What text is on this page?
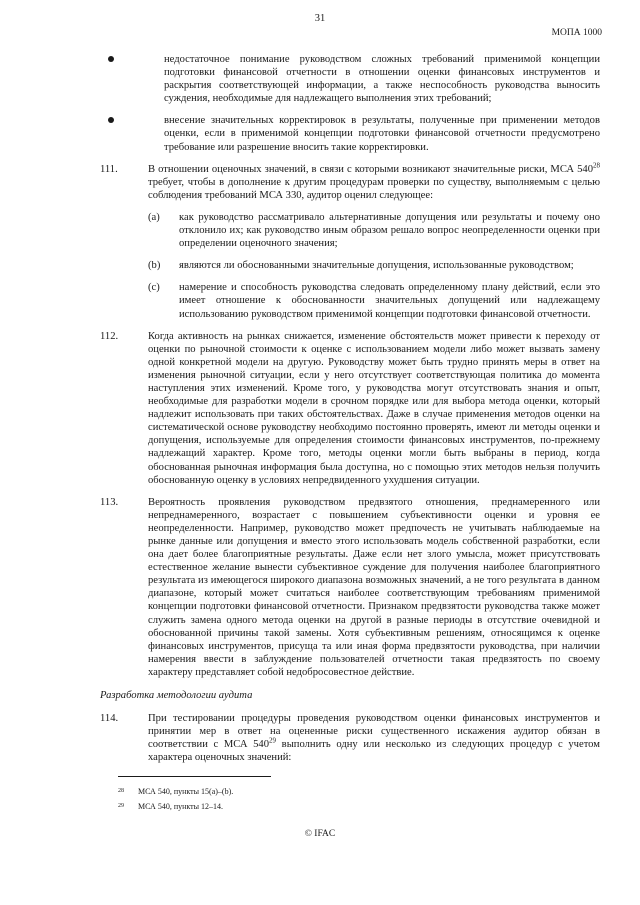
31
МОПА 1000
недостаточное понимание руководством сложных требований применимой концепции подготовки финансовой отчетности в отношении оценки финансовых инструментов и раскрытия соответствующей информации, а также неспособность руководства выносить суждения, необходимые для надлежащего выполнения этих требований;
внесение значительных корректировок в результаты, полученные при применении методов оценки, если в применимой концепции подготовки финансовой отчетности предусмотрено требование или разрешение вносить такие корректировки.
111.	В отношении оценочных значений, в связи с которыми возникают значительные риски, МСА $540^{28}$ требует, чтобы в дополнение к другим процедурам проверки по существу, выполняемым с целью соблюдения требований МСА 330, аудитор оценил следующее:
(a)	как руководство рассматривало альтернативные допущения или результаты и почему оно отклонило их; как руководство иным образом решало вопрос неопределенности оценки при определении оценочного значения;
(b)	являются ли обоснованными значительные допущения, использованные руководством;
(c)	намерение и способность руководства следовать определенному плану действий, если это имеет отношение к обоснованности значительных допущений или надлежащему использованию руководством применимой концепции подготовки финансовой отчетности.
112.	Когда активность на рынках снижается, изменение обстоятельств может привести к переходу от оценки по рыночной стоимости к оценке с использованием модели либо может вызвать замену одной конкретной модели на другую. Руководству может быть трудно принять меры в ответ на изменения рыночной ситуации, если у него отсутствует соответствующая политика до момента наступления этих изменений. Кроме того, у руководства могут отсутствовать знания и опыт, необходимые для разработки модели в срочном порядке или для выбора метода оценки, который надлежит использовать при таких обстоятельствах. Даже в случае применения методов оценки на систематической основе руководству необходимо постоянно проверять, имеют ли методы оценки и допущения, используемые для определения стоимости финансовых инструментов, по-прежнему надлежащий характер. Кроме того, методы оценки могли быть выбраны в период, когда обоснованная рыночная информация была доступна, но с помощью этих методов нельзя получить обоснованную оценку в условиях непредвиденного ухудшения ситуации.
113.	Вероятность проявления руководством предвзятого отношения, преднамеренного или непреднамеренного, возрастает с повышением субъективности оценки и уровня ее неопределенности. Например, руководство может предпочесть не учитывать наблюдаемые на рынке данные или допущения и вместо этого использовать модель собственной разработки, если она дает более благоприятные результаты. Даже если нет злого умысла, может присутствовать естественное желание вынести субъективное суждение для получения наиболее благоприятного результата из имеющегося широкого диапазона возможных значений, а не того результата в данном диапазоне, который может считаться наиболее соответствующим требованиям применимой концепции подготовки финансовой отчетности. Признаком предвзятости руководства также может служить замена одного метода оценки на другой в разные периоды в отсутствие очевидной и обоснованной причины такой замены. Хотя субъективным решениям, относящимся к оценке финансовых инструментов, присуща та или иная форма предвзятости руководства, при наличии намерения ввести в заблуждение пользователей отчетности такая предвзятость по своему характеру представляет собой недобросовестное действие.
Разработка методологии аудита
114.	При тестировании процедуры проведения руководством оценки финансовых инструментов и принятии мер в ответ на оцененные риски существенного искажения аудитор обязан в соответствии с МСА $540^{29}$ выполнить одну или несколько из следующих процедур с учетом характера оценочных значений:
28	МСА 540, пункты 15(a)–(b).
29	МСА 540, пункты 12–14.
© IFAC
